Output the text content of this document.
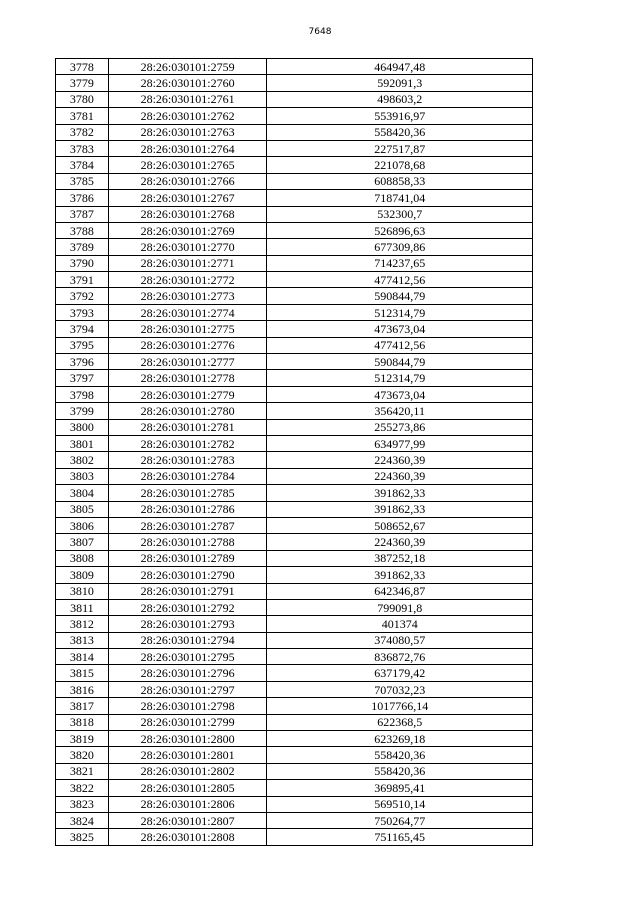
7648
3778	28:26:030101:2759	464947,48
3779	28:26:030101:2760	592091,3
3780	28:26:030101:2761	498603,2
3781	28:26:030101:2762	553916,97
3782	28:26:030101:2763	558420,36
3783	28:26:030101:2764	227517,87
3784	28:26:030101:2765	221078,68
3785	28:26:030101:2766	608858,33
3786	28:26:030101:2767	718741,04
3787	28:26:030101:2768	532300,7
3788	28:26:030101:2769	526896,63
3789	28:26:030101:2770	677309,86
3790	28:26:030101:2771	714237,65
3791	28:26:030101:2772	477412,56
3792	28:26:030101:2773	590844,79
3793	28:26:030101:2774	512314,79
3794	28:26:030101:2775	473673,04
3795	28:26:030101:2776	477412,56
3796	28:26:030101:2777	590844,79
3797	28:26:030101:2778	512314,79
3798	28:26:030101:2779	473673,04
3799	28:26:030101:2780	356420,11
3800	28:26:030101:2781	255273,86
3801	28:26:030101:2782	634977,99
3802	28:26:030101:2783	224360,39
3803	28:26:030101:2784	224360,39
3804	28:26:030101:2785	391862,33
3805	28:26:030101:2786	391862,33
3806	28:26:030101:2787	508652,67
3807	28:26:030101:2788	224360,39
3808	28:26:030101:2789	387252,18
3809	28:26:030101:2790	391862,33
3810	28:26:030101:2791	642346,87
3811	28:26:030101:2792	799091,8
3812	28:26:030101:2793	401374
3813	28:26:030101:2794	374080,57
3814	28:26:030101:2795	836872,76
3815	28:26:030101:2796	637179,42
3816	28:26:030101:2797	707032,23
3817	28:26:030101:2798	1017766,14
3818	28:26:030101:2799	622368,5
3819	28:26:030101:2800	623269,18
3820	28:26:030101:2801	558420,36
3821	28:26:030101:2802	558420,36
3822	28:26:030101:2805	369895,41
3823	28:26:030101:2806	569510,14
3824	28:26:030101:2807	750264,77
3825	28:26:030101:2808	751165,45
